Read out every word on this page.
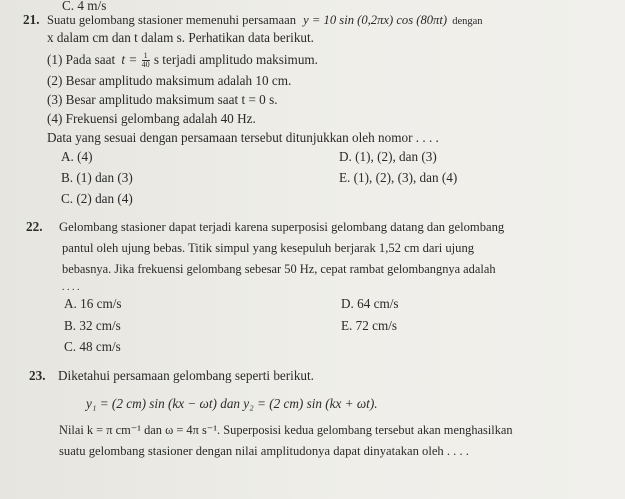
C. 4 m/s
21. Suatu gelombang stasioner memenuhi persamaan y = 10 sin (0,2πx) cos (80πt) dengan
x dalam cm dan t dalam s. Perhatikan data berikut.
(1) Pada saat $t = \frac{1}{40}$ s terjadi amplitudo maksimum.
(2) Besar amplitudo maksimum adalah 10 cm.
(3) Besar amplitudo maksimum saat t = 0 s.
(4) Frekuensi gelombang adalah 40 Hz.
Data yang sesuai dengan persamaan tersebut ditunjukkan oleh nomor . . . .
A. (4)
B. (1) dan (3)
C. (2) dan (4)
D. (1), (2), dan (3)
E. (1), (2), (3), dan (4)
22. Gelombang stasioner dapat terjadi karena superposisi gelombang datang dan gelombang
pantul oleh ujung bebas. Titik simpul yang kesepuluh berjarak 1,52 cm dari ujung
bebasnya. Jika frekuensi gelombang sebesar 50 Hz, cepat rambat gelombangnya adalah
. . . .
A. 16 cm/s
B. 32 cm/s
C. 48 cm/s
D. 64 cm/s
E. 72 cm/s
23. Diketahui persamaan gelombang seperti berikut.
y₁ = (2 cm) sin (kx − ωt) dan y₂ = (2 cm) sin (kx + ωt).
Nilai k = π cm⁻¹ dan ω = 4π s⁻¹. Superposisi kedua gelombang tersebut akan menghasilkan
suatu gelombang stasioner dengan nilai amplitudonya dapat dinyatakan oleh . . . .
